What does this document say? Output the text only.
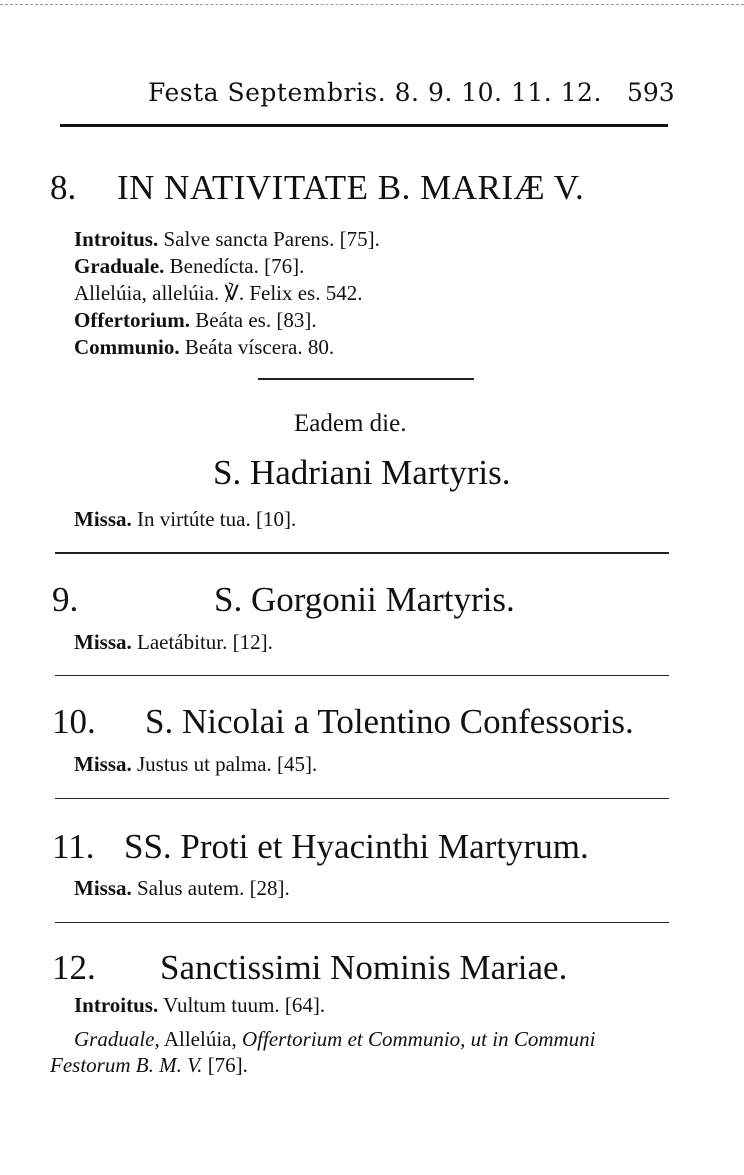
Festa Septembris. 8. 9. 10. 11. 12. 593
8. IN NATIVITATE B. MARIÆ V.
Introitus. Salve sancta Parens. [75].
Graduale. Benedícta. [76].
Allelúia, allelúia. ℣. Felix es. 542.
Offertorium. Beáta es. [83].
Communio. Beáta víscera. 80.
Eadem die.
S. Hadriani Martyris.
Missa. In virtúte tua. [10].
9.	S. Gorgonii Martyris.
Missa. Laetábitur. [12].
10. S. Nicolai a Tolentino Confessoris.
Missa. Justus ut palma. [45].
11. SS. Proti et Hyacinthi Martyrum.
Missa. Salus autem. [28].
12. Sanctissimi Nominis Mariae.
Introitus. Vultum tuum. [64].
Graduale, Allelúia, Offertorium et Communio, ut in Communi
Festorum B. M. V. [76].
